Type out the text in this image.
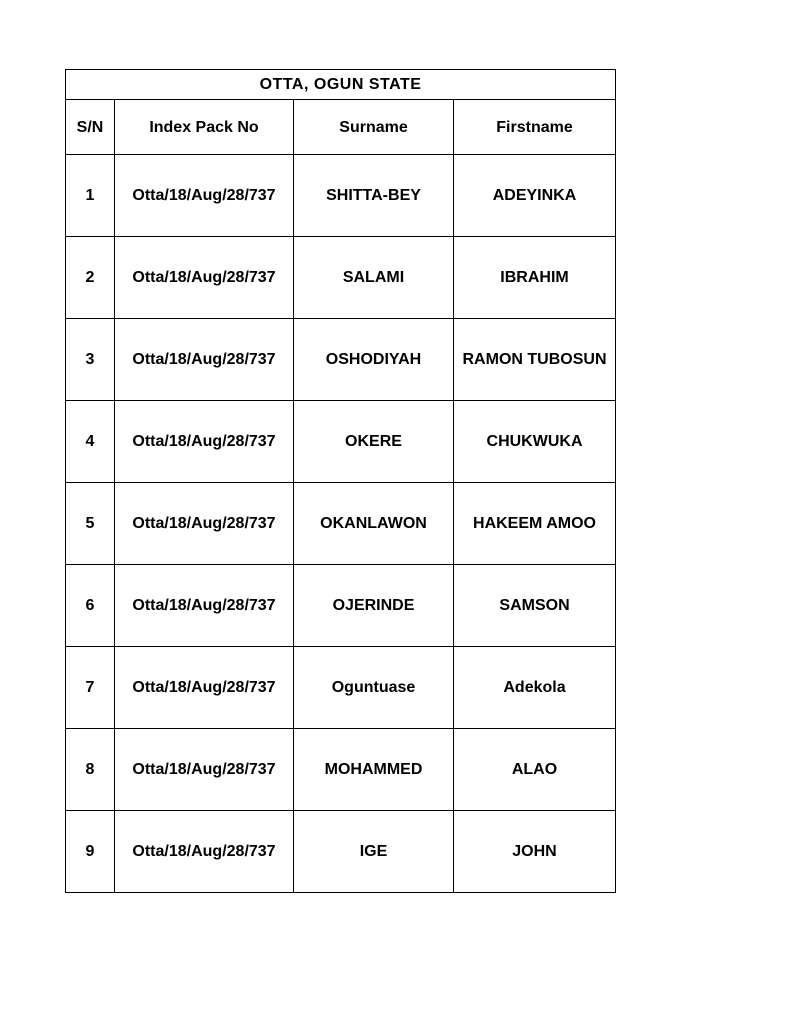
OTTA, OGUN STATE			
S/N	Index Pack No	Surname	Firstname
1	Otta/18/Aug/28/737	SHITTA-BEY	ADEYINKA
2	Otta/18/Aug/28/737	SALAMI	IBRAHIM
3	Otta/18/Aug/28/737	OSHODIYAH	RAMON TUBOSUN
4	Otta/18/Aug/28/737	OKERE	CHUKWUKA
5	Otta/18/Aug/28/737	OKANLAWON	HAKEEM AMOO
6	Otta/18/Aug/28/737	OJERINDE	SAMSON
7	Otta/18/Aug/28/737	Oguntuase	Adekola
8	Otta/18/Aug/28/737	MOHAMMED	ALAO
9	Otta/18/Aug/28/737	IGE	JOHN
